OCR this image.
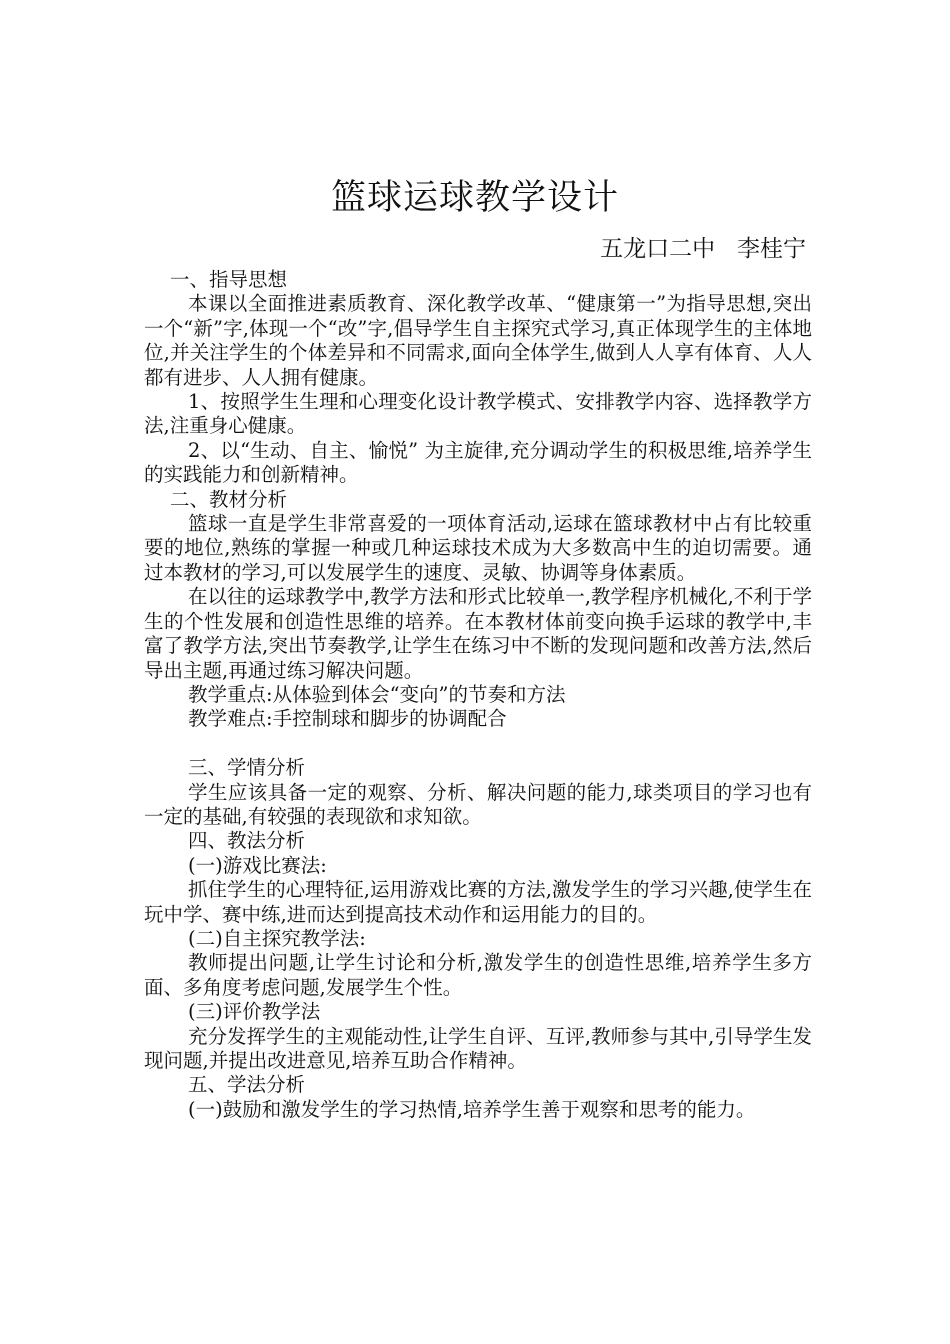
篮球运球教学设计
五龙口二中   李桂宁

一、指导思想

本课以全面推进素质教育、深化教学改革、“健康第一”为指导思想,突出一个“新”字,体现一个“改”字,倡导学生自主探究式学习,真正体现学生的主体地位,并关注学生的个体差异和不同需求,面向全体学生,做到人人享有体育、人人都有进步、人人拥有健康。

1、按照学生生理和心理变化设计教学模式、安排教学内容、选择教学方法,注重身心健康。

2、以“生动、自主、愉悦” 为主旋律,充分调动学生的积极思维,培养学生的实践能力和创新精神。

二、教材分析

篮球一直是学生非常喜爱的一项体育活动,运球在篮球教材中占有比较重要的地位,熟练的掌握一种或几种运球技术成为大多数高中生的迫切需要。通过本教材的学习,可以发展学生的速度、灵敏、协调等身体素质。

在以往的运球教学中,教学方法和形式比较单一,教学程序机械化,不利于学生的个性发展和创造性思维的培养。在本教材体前变向换手运球的教学中,丰富了教学方法,突出节奏教学,让学生在练习中不断的发现问题和改善方法,然后导出主题,再通过练习解决问题。

教学重点:从体验到体会“变向”的节奏和方法

教学难点:手控制球和脚步的协调配合

三、学情分析

学生应该具备一定的观察、分析、解决问题的能力,球类项目的学习也有一定的基础,有较强的表现欲和求知欲。

四、教法分析

(一)游戏比赛法:

抓住学生的心理特征,运用游戏比赛的方法,激发学生的学习兴趣,使学生在玩中学、赛中练,进而达到提高技术动作和运用能力的目的。

(二)自主探究教学法:

教师提出问题,让学生讨论和分析,激发学生的创造性思维,培养学生多方面、多角度考虑问题,发展学生个性。

(三)评价教学法

充分发挥学生的主观能动性,让学生自评、互评,教师参与其中,引导学生发现问题,并提出改进意见,培养互助合作精神。

五、学法分析

(一)鼓励和激发学生的学习热情,培养学生善于观察和思考的能力。
